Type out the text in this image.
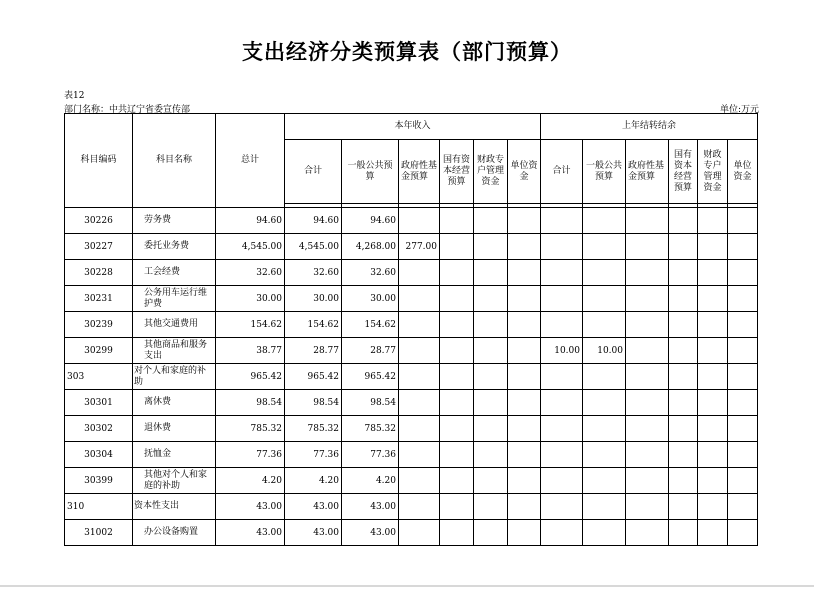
支出经济分类预算表（部门预算）
表12
部门名称：中共辽宁省委宣传部	单位:万元
科目编码	科目名称	总计	本年收入						上年结转结余					
			合计	一般公共预算	政府性基金预算	国有资本经营预算	财政专户管理资金	单位资金	合计	一般公共预算	政府性基金预算	国有资本经营预算	财政专户管理资金	单位资金

30226	劳务费	94.60	94.60	94.60										
30227	委托业务费	4,545.00	4,545.00	4,268.00	277.00									
30228	工会经费	32.60	32.60	32.60										
30231	公务用车运行维护费	30.00	30.00	30.00										
30239	其他交通费用	154.62	154.62	154.62										
30299	其他商品和服务支出	38.77	28.77	28.77					10.00	10.00				
303	对个人和家庭的补助	965.42	965.42	965.42										
30301	离休费	98.54	98.54	98.54										
30302	退休费	785.32	785.32	785.32										
30304	抚恤金	77.36	77.36	77.36										
30399	其他对个人和家庭的补助	4.20	4.20	4.20										
310	资本性支出	43.00	43.00	43.00										
31002	办公设备购置	43.00	43.00	43.00										
